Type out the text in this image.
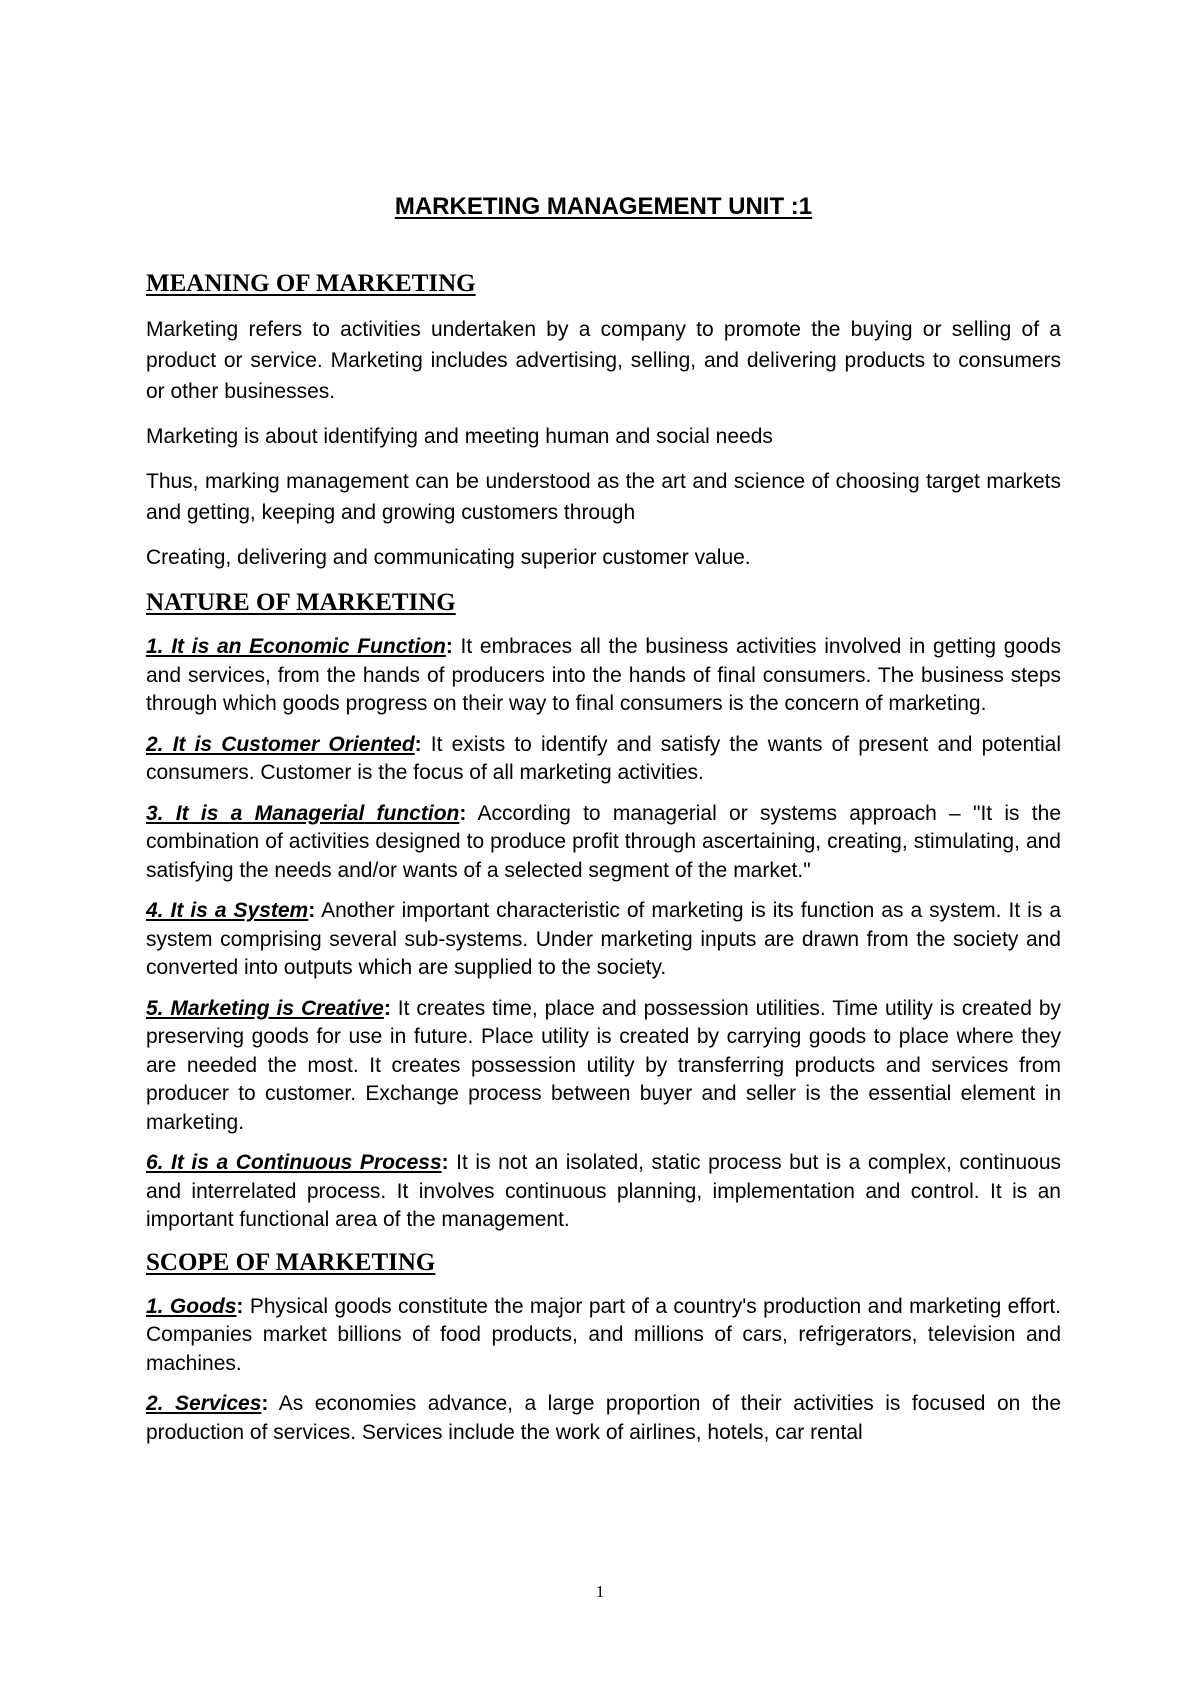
MARKETING MANAGEMENT UNIT :1
MEANING OF MARKETING

Marketing refers to activities undertaken by a company to promote the buying or selling of a product or service. Marketing includes advertising, selling, and delivering products to consumers or other businesses.

Marketing is about identifying and meeting human and social needs

Thus, marking management can be understood as the art and science of choosing target markets and getting, keeping and growing customers through

Creating, delivering and communicating superior customer value.

NATURE OF MARKETING

1. It is an Economic Function: It embraces all the business activities involved in getting goods and services, from the hands of producers into the hands of final consumers. The business steps through which goods progress on their way to final consumers is the concern of marketing.

2. It is Customer Oriented: It exists to identify and satisfy the wants of present and potential consumers. Customer is the focus of all marketing activities.

3. It is a Managerial function: According to managerial or systems approach – "It is the combination of activities designed to produce profit through ascertaining, creating, stimulating, and satisfying the needs and/or wants of a selected segment of the market."

4. It is a System: Another important characteristic of marketing is its function as a system. It is a system comprising several sub-systems. Under marketing inputs are drawn from the society and converted into outputs which are supplied to the society.

5. Marketing is Creative: It creates time, place and possession utilities. Time utility is created by preserving goods for use in future. Place utility is created by carrying goods to place where they are needed the most. It creates possession utility by transferring products and services from producer to customer. Exchange process between buyer and seller is the essential element in marketing.

6. It is a Continuous Process: It is not an isolated, static process but is a complex, continuous and interrelated process. It involves continuous planning, implementation and control. It is an important functional area of the management.

SCOPE OF MARKETING

1. Goods: Physical goods constitute the major part of a country's production and marketing effort. Companies market billions of food products, and millions of cars, refrigerators, television and machines.

2. Services: As economies advance, a large proportion of their activities is focused on the production of services. Services include the work of airlines, hotels, car rental

1
